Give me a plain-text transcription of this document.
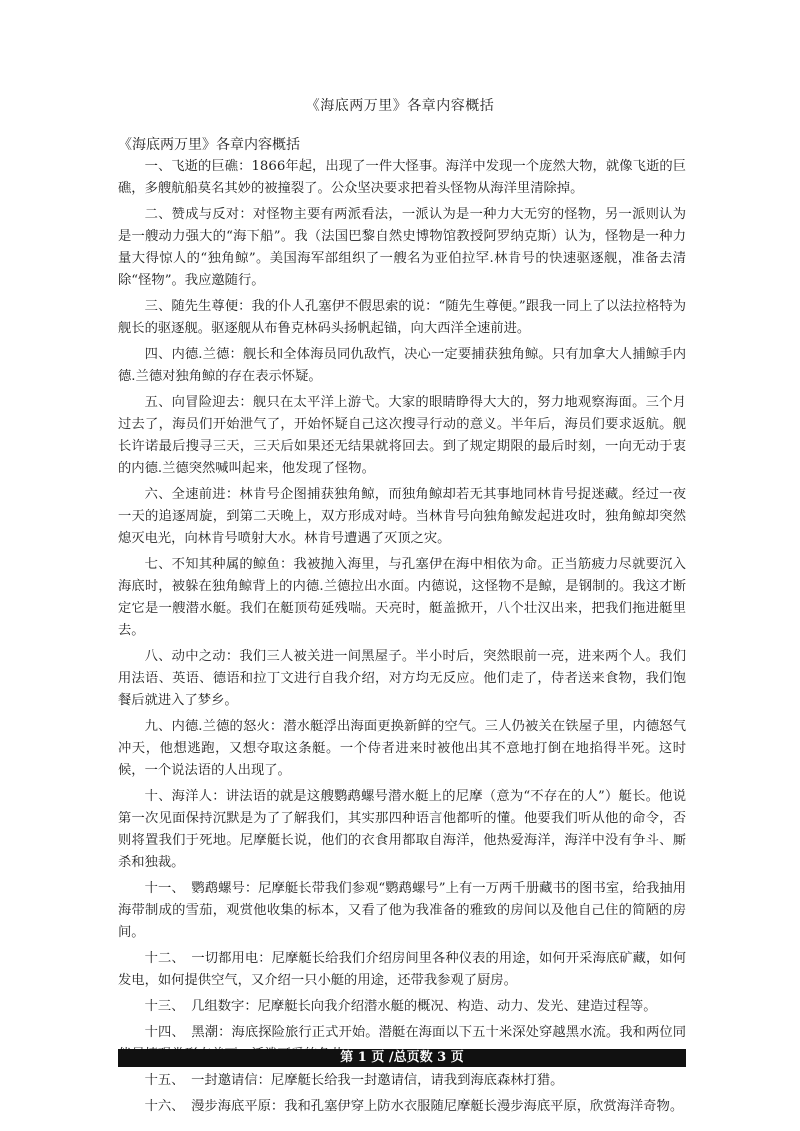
《海底两万里》各章内容概括
《海底两万里》各章内容概括

一、飞逝的巨礁：1866年起，出现了一件大怪事。海洋中发现一个庞然大物，就像飞逝的巨礁，多艘航船莫名其妙的被撞裂了。公众坚决要求把着头怪物从海洋里清除掉。

二、赞成与反对：对怪物主要有两派看法，一派认为是一种力大无穷的怪物，另一派则认为是一艘动力强大的“海下船”。我（法国巴黎自然史博物馆教授阿罗纳克斯）认为，怪物是一种力量大得惊人的“独角鲸”。美国海军部组织了一艘名为亚伯拉罕.林肯号的快速驱逐舰，准备去清除“怪物”。我应邀随行。

三、随先生尊便：我的仆人孔塞伊不假思索的说：“随先生尊便。”跟我一同上了以法拉格特为舰长的驱逐舰。驱逐舰从布鲁克林码头扬帆起锚，向大西洋全速前进。

四、内德.兰德：舰长和全体海员同仇敌忾，决心一定要捕获独角鲸。只有加拿大人捕鲸手内德.兰德对独角鲸的存在表示怀疑。

五、向冒险迎去：舰只在太平洋上游弋。大家的眼睛睁得大大的，努力地观察海面。三个月过去了，海员们开始泄气了，开始怀疑自己这次搜寻行动的意义。半年后，海员们要求返航。舰长许诺最后搜寻三天，三天后如果还无结果就将回去。到了规定期限的最后时刻，一向无动于衷的内德.兰德突然喊叫起来，他发现了怪物。

六、全速前进：林肯号企图捕获独角鲸，而独角鲸却若无其事地同林肯号捉迷藏。经过一夜一天的追逐周旋，到第二天晚上，双方形成对峙。当林肯号向独角鲸发起进攻时，独角鲸却突然熄灭电光，向林肯号喷射大水。林肯号遭遇了灭顶之灾。

七、不知其种属的鲸鱼：我被抛入海里，与孔塞伊在海中相依为命。正当筋疲力尽就要沉入海底时，被躲在独角鲸背上的内德.兰德拉出水面。内德说，这怪物不是鲸，是钢制的。我这才断定它是一艘潜水艇。我们在艇顶苟延残喘。天亮时，艇盖掀开，八个壮汉出来，把我们拖进艇里去。

八、动中之动：我们三人被关进一间黑屋子。半小时后，突然眼前一亮，进来两个人。我们用法语、英语、德语和拉丁文进行自我介绍，对方均无反应。他们走了，侍者送来食物，我们饱餐后就进入了梦乡。

九、内德.兰德的怒火：潜水艇浮出海面更换新鲜的空气。三人仍被关在铁屋子里，内德怒气冲天，他想逃跑，又想夺取这条艇。一个侍者进来时被他出其不意地打倒在地掐得半死。这时候，一个说法语的人出现了。

十、海洋人：讲法语的就是这艘鹦鹉螺号潜水艇上的尼摩（意为“不存在的人”）艇长。他说第一次见面保持沉默是为了了解我们，其实那四种语言他都听的懂。他要我们听从他的命令，否则将置我们于死地。尼摩艇长说，他们的衣食用都取自海洋，他热爱海洋，海洋中没有争斗、厮杀和独裁。

十一、　鹦鹉螺号：尼摩艇长带我们参观“鹦鹉螺号”上有一万两千册藏书的图书室，给我抽用海带制成的雪茄，观赏他收集的标本，又看了他为我准备的雅致的房间以及他自己住的简陋的房间。

十二、　一切都用电：尼摩艇长给我们介绍房间里各种仪表的用途，如何开采海底矿藏，如何发电，如何提供空气，又介绍一只小艇的用途，还带我参观了厨房。

十三、　几组数字：尼摩艇长向我介绍潜水艇的概况、构造、动力、发光、建造过程等。

十四、　黑潮：海底探险旅行正式开始。潜艇在海面以下五十米深处穿越黑水流。我和两位同

十五、　一封邀请信：尼摩艇长给我一封邀请信，请我到海底森林打猎。

十六、　漫步海底平原：我和孔塞伊穿上防水衣服随尼摩艇长漫步海底平原，欣赏海洋奇物。

第 1 页 /总页数 3 页
